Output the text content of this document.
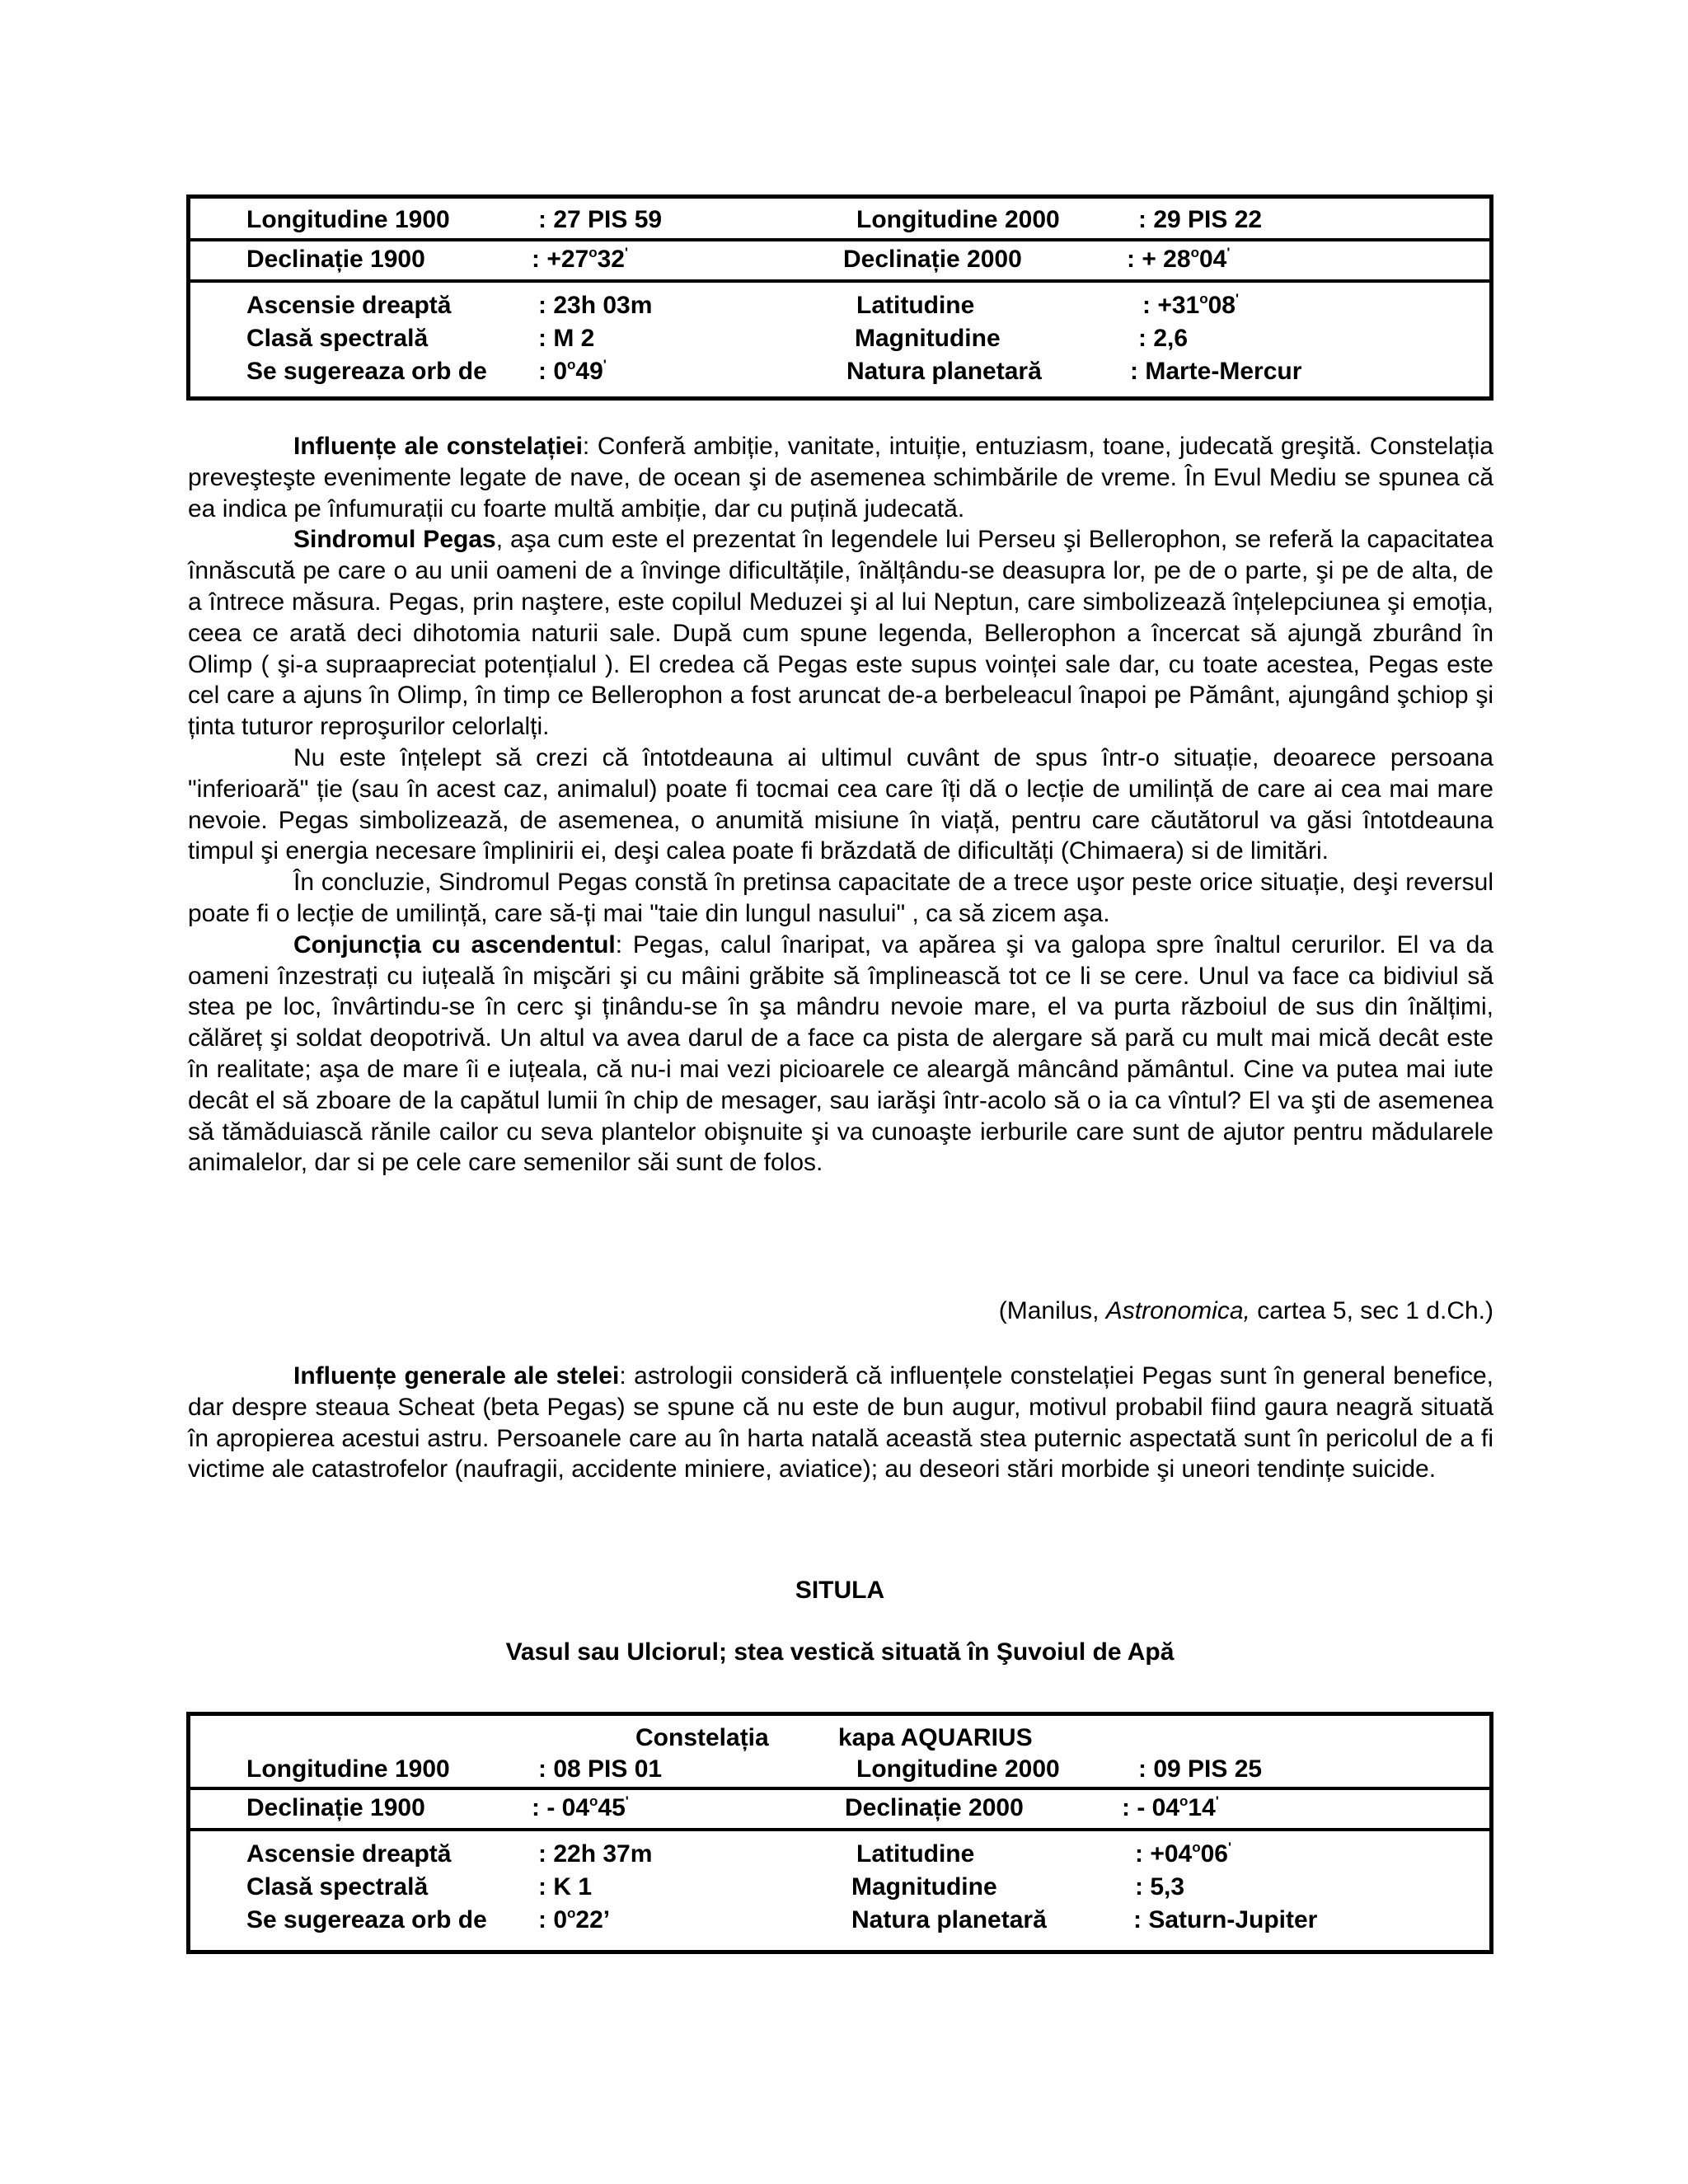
Longitudine 1900	: 27 PIS 59	Longitudine 2000	: 29 PIS 22
Declinație 1900	: $+27^o32'$	Declinație 2000	: + $28^o04'$
Ascensie dreaptă	: 23h 03m	Latitudine	: $+31^o08'$
Clasă spectrală	: M 2	Magnitudine	: 2,6
Se sugereaza orb de : 0$^o$49'	Natura planetară	: Marte-Mercur

Influențe ale constelației: Conferă ambiție, vanitate, intuiție, entuziasm, toane, judecată greşită. Constelația preveşteşte evenimente legate de nave, de ocean şi de asemenea schimbările de vreme. În Evul Mediu se spunea că ea indica pe înfumurații cu foarte multă ambiție, dar cu puțină judecată.

Sindromul Pegas, aşa cum este el prezentat în legendele lui Perseu şi Bellerophon, se referă la capacitatea înnăscută pe care o au unii oameni de a învinge dificultățile, înălțându-se deasupra lor, pe de o parte, şi pe de alta, de a întrece măsura. Pegas, prin naştere, este copilul Meduzei şi al lui Neptun, care simbolizează înțelepciunea şi emoția, ceea ce arată deci dihotomia naturii sale. După cum spune legenda, Bellerophon a încercat să ajungă zburând în Olimp ( şi-a supraapreciat potențialul ). El credea că Pegas este supus voinței sale dar, cu toate acestea, Pegas este cel care a ajuns în Olimp, în timp ce Bellerophon a fost aruncat de-a berbeleacul înapoi pe Pământ, ajungând şchiop şi ținta tuturor reproşurilor celorlalți.

Nu este înțelept să crezi că întotdeauna ai ultimul cuvânt de spus într-o situație, deoarece persoana "inferioară" ție (sau în acest caz, animalul) poate fi tocmai cea care îți dă o lecție de umilință de care ai cea mai mare nevoie. Pegas simbolizează, de asemenea, o anumită misiune în viață, pentru care căutătorul va găsi întotdeauna timpul şi energia necesare împlinirii ei, deşi calea poate fi brăzdată de dificultăți (Chimaera) si de limitări.

În concluzie, Sindromul Pegas constă în pretinsa capacitate de a trece uşor peste orice situație, deşi reversul poate fi o lecție de umilință, care să-ți mai "taie din lungul nasului" , ca să zicem aşa.

Conjuncția cu ascendentul: Pegas, calul înaripat, va apărea şi va galopa spre înaltul cerurilor. El va da oameni înzestrați cu iuțeală în mişcări şi cu mâini grăbite să împlinească tot ce li se cere. Unul va face ca bidiviul să stea pe loc, învârtindu-se în cerc şi ținându-se în şa mândru nevoie mare, el va purta războiul de sus din înălțimi, călăreț şi soldat deopotrivă. Un altul va avea darul de a face ca pista de alergare să pară cu mult mai mică decât este în realitate; aşa de mare îi e iuțeala, că nu-i mai vezi picioarele ce aleargă mâncând pământul. Cine va putea mai iute decât el să zboare de la capătul lumii în chip de mesager, sau iarăşi într-acolo să o ia ca vîntul? El va şti de asemenea să tămăduiască rănile cailor cu seva plantelor obişnuite şi va cunoaşte ierburile care sunt de ajutor pentru mădularele animalelor, dar si pe cele care semenilor săi sunt de folos.

(Manilus, Astronomica, cartea 5, sec 1 d.Ch.)

Influențe generale ale stelei: astrologii consideră că influențele constelației Pegas sunt în general benefice, dar despre steaua Scheat (beta Pegas) se spune că nu este de bun augur, motivul probabil fiind gaura neagră situată în apropierea acestui astru. Persoanele care au în harta natală această stea puternic aspectată sunt în pericolul de a fi victime ale catastrofelor (naufragii, accidente miniere, aviatice); au deseori stări morbide şi uneori tendințe suicide.

SITULA
Vasul sau Ulciorul; stea vestică situată în Şuvoiul de Apă
Constelația	kapa AQUARIUS
Longitudine 1900	: 08 PIS 01	Longitudine 2000	: 09 PIS 25
Declinație 1900	: - 04$^o$45'	Declinație 2000	: - 04$^o$14'
Ascensie dreaptă	: 22h 37m	Latitudine	: $+04^o06'$
Clasă spectrală	: K 1	Magnitudine	: 5,3
Se sugereaza orb de : 0$^o$22’	Natura planetară	: Saturn-Jupiter
